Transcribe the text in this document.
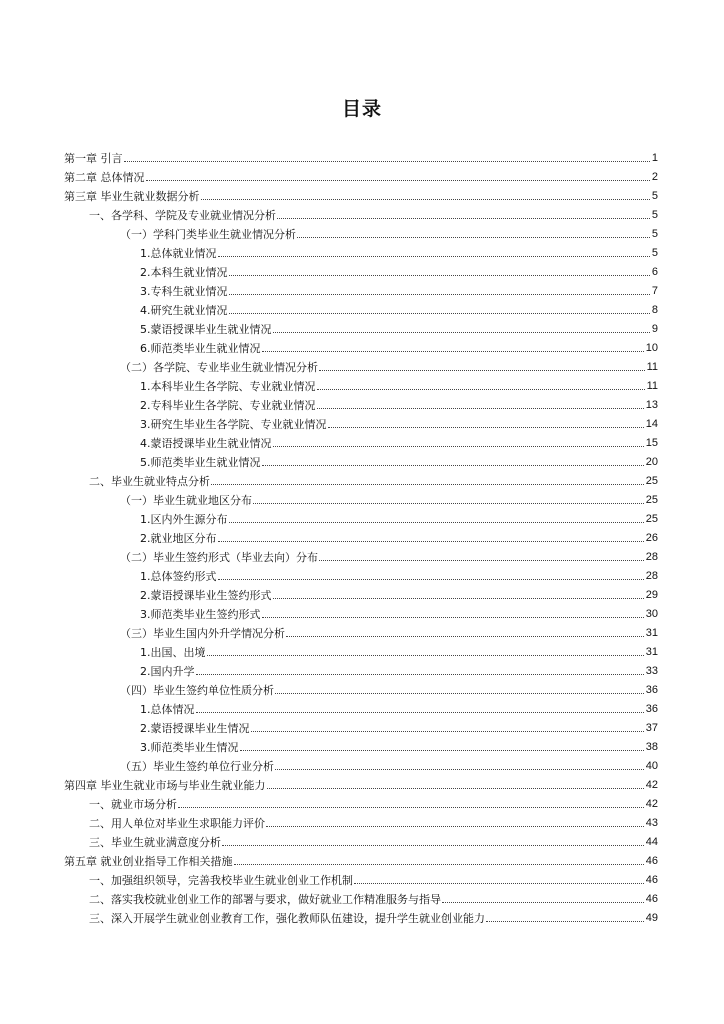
目录
第一章 引言	1
第二章 总体情况	2
第三章 毕业生就业数据分析	5
一、各学科、学院及专业就业情况分析	5
（一）学科门类毕业生就业情况分析	5
1.总体就业情况	5
2.本科生就业情况	6
3.专科生就业情况	7
4.研究生就业情况	8
5.蒙语授课毕业生就业情况	9
6.师范类毕业生就业情况	10
（二）各学院、专业毕业生就业情况分析	11
1.本科毕业生各学院、专业就业情况	11
2.专科毕业生各学院、专业就业情况	13
3.研究生毕业生各学院、专业就业情况	14
4.蒙语授课毕业生就业情况	15
5.师范类毕业生就业情况	20
二、毕业生就业特点分析	25
（一）毕业生就业地区分布	25
1.区内外生源分布	25
2.就业地区分布	26
（二）毕业生签约形式（毕业去向）分布	28
1.总体签约形式	28
2.蒙语授课毕业生签约形式	29
3.师范类毕业生签约形式	30
（三）毕业生国内外升学情况分析	31
1.出国、出境	31
2.国内升学	33
（四）毕业生签约单位性质分析	36
1.总体情况	36
2.蒙语授课毕业生情况	37
3.师范类毕业生情况	38
（五）毕业生签约单位行业分析	40
第四章 毕业生就业市场与毕业生就业能力	42
一、就业市场分析	42
二、用人单位对毕业生求职能力评价	43
三、毕业生就业满意度分析	44
第五章 就业创业指导工作相关措施	46
一、加强组织领导，完善我校毕业生就业创业工作机制	46
二、落实我校就业创业工作的部署与要求，做好就业工作精准服务与指导	46
三、深入开展学生就业创业教育工作，强化教师队伍建设，提升学生就业创业能力	49
